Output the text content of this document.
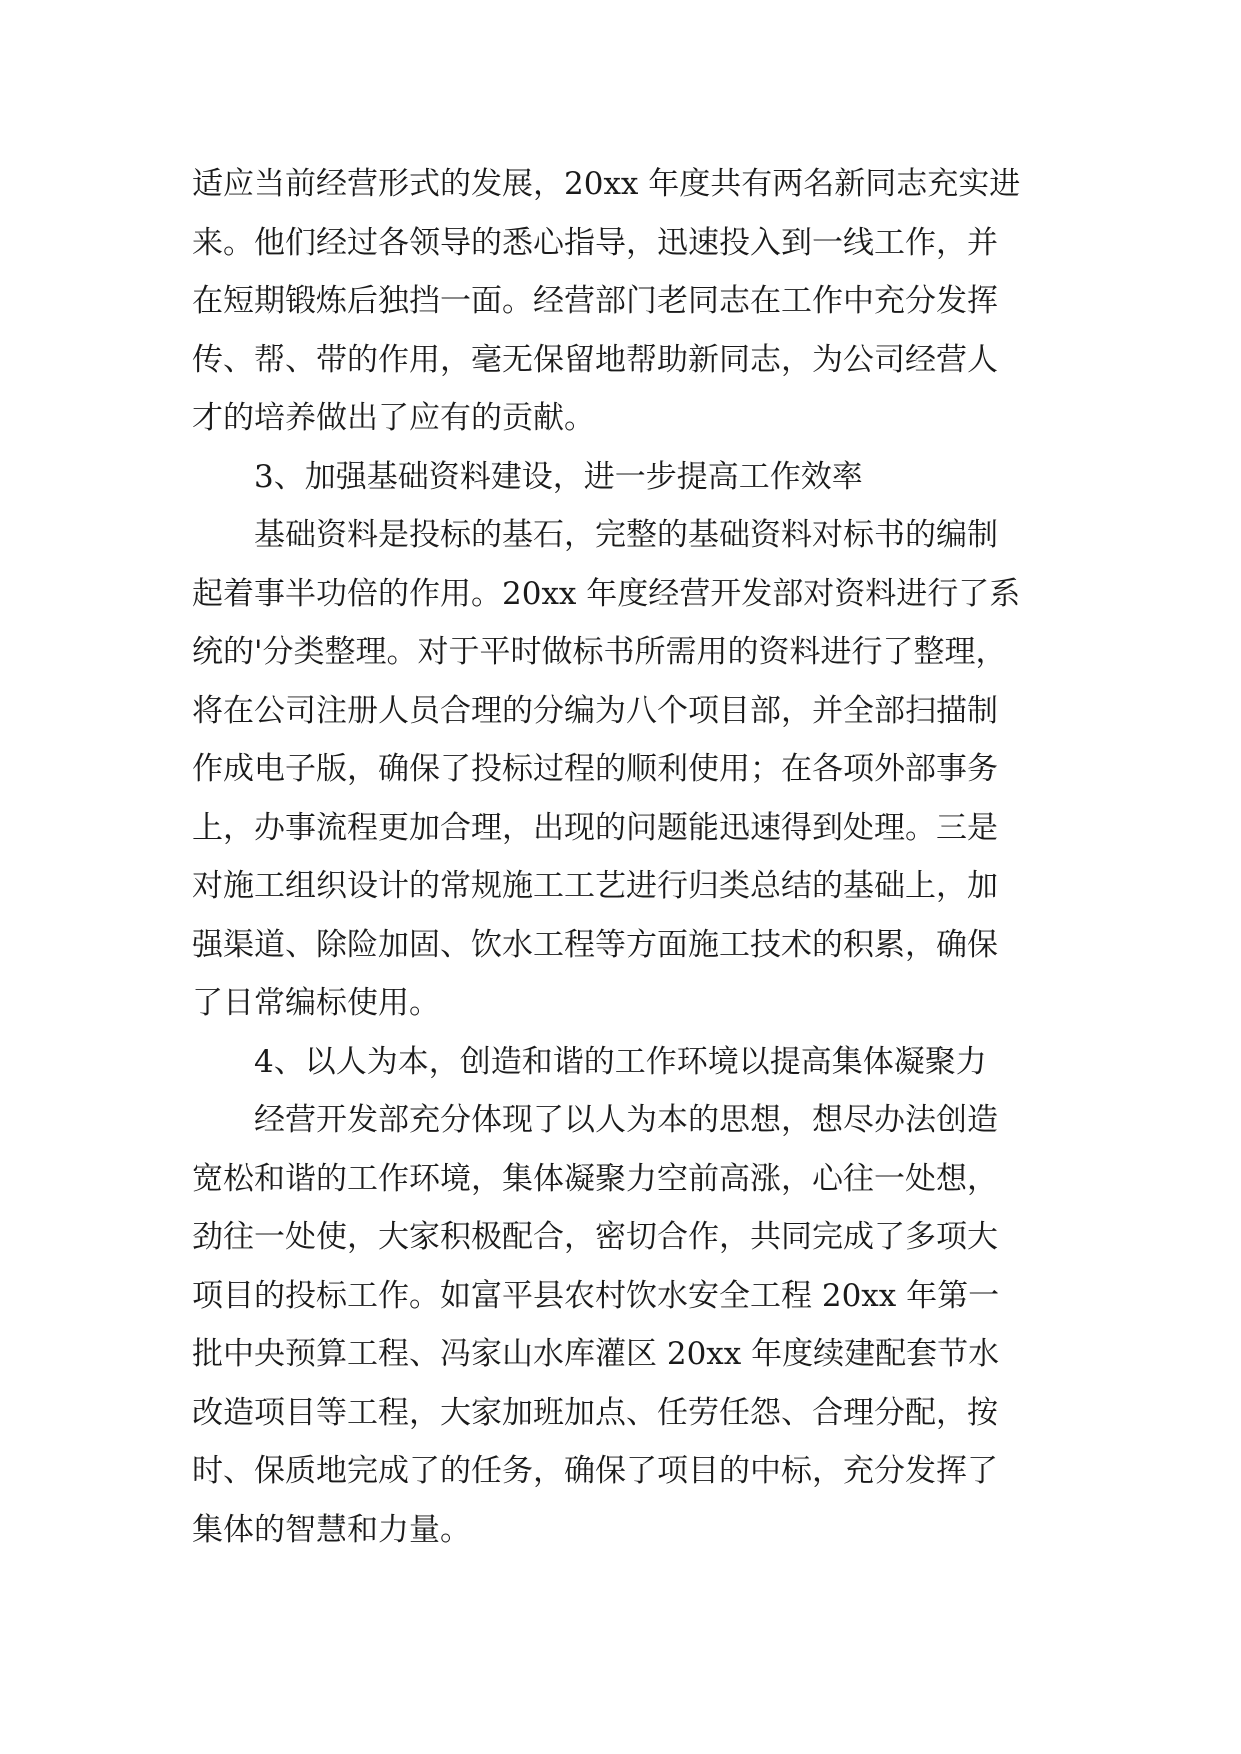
适应当前经营形式的发展，20xx 年度共有两名新同志充实进
来。他们经过各领导的悉心指导，迅速投入到一线工作，并
在短期锻炼后独挡一面。经营部门老同志在工作中充分发挥
传、帮、带的作用，毫无保留地帮助新同志，为公司经营人
才的培养做出了应有的贡献。
3、加强基础资料建设，进一步提高工作效率
基础资料是投标的基石，完整的基础资料对标书的编制
起着事半功倍的作用。20xx 年度经营开发部对资料进行了系
统的'分类整理。对于平时做标书所需用的资料进行了整理，
将在公司注册人员合理的分编为八个项目部，并全部扫描制
作成电子版，确保了投标过程的顺利使用；在各项外部事务
上，办事流程更加合理，出现的问题能迅速得到处理。三是
对施工组织设计的常规施工工艺进行归类总结的基础上，加
强渠道、除险加固、饮水工程等方面施工技术的积累，确保
了日常编标使用。
4、以人为本，创造和谐的工作环境以提高集体凝聚力
经营开发部充分体现了以人为本的思想，想尽办法创造
宽松和谐的工作环境，集体凝聚力空前高涨，心往一处想，
劲往一处使，大家积极配合，密切合作，共同完成了多项大
项目的投标工作。如富平县农村饮水安全工程 20xx 年第一
批中央预算工程、冯家山水库灌区 20xx 年度续建配套节水
改造项目等工程，大家加班加点、任劳任怨、合理分配，按
时、保质地完成了的任务，确保了项目的中标，充分发挥了
集体的智慧和力量。
